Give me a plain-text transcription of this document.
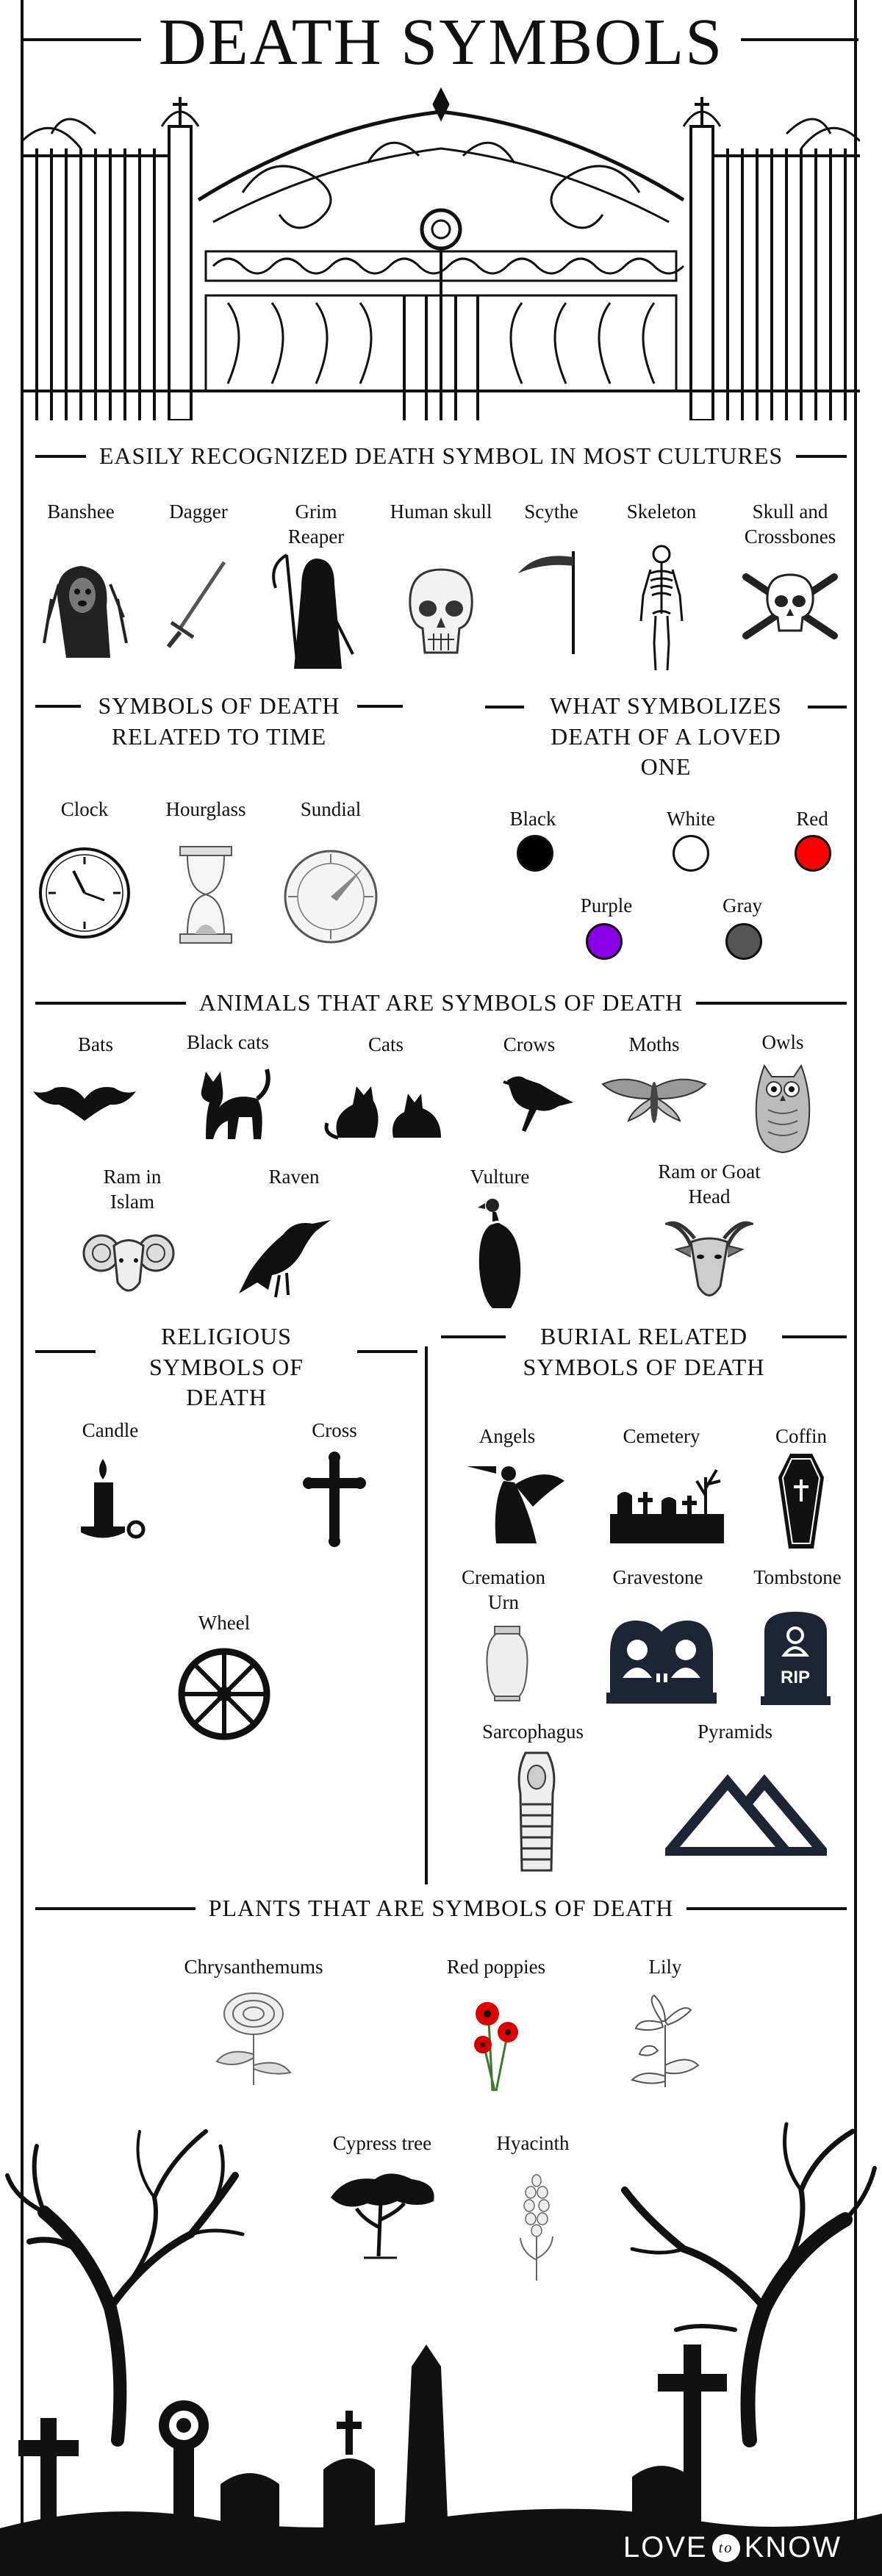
DEATH SYMBOLS
EASILY RECOGNIZED DEATH SYMBOL IN MOST CULTURES
Banshee	Dagger	Grim Reaper
Human skull	Scythe	Skeleton	Skull and Crossbones
SYMBOLS OF DEATH RELATED TO TIME
Clock	Hourglass	Sundial
WHAT SYMBOLIZES DEATH OF A LOVED ONE
Black	White	Red
Purple	Gray
ANIMALS THAT ARE SYMBOLS OF DEATH
Bats	Black cats	Cats	Crows	Moths	Owls
Ram in Islam
Raven	Vulture	Ram or Goat Head
RELIGIOUS SYMBOLS OF DEATH
Candle	Cross
Wheel
BURIAL RELATED SYMBOLS OF DEATH
Angels	Cemetery	Coffin
Cremation Urn
Gravestone	Tombstone
RIP
Sarcophagus	Pyramids
PLANTS THAT ARE SYMBOLS OF DEATH
Chrysanthemums	Red poppies	Lily
Cypress tree	Hyacinth
LOVE to KNOW
